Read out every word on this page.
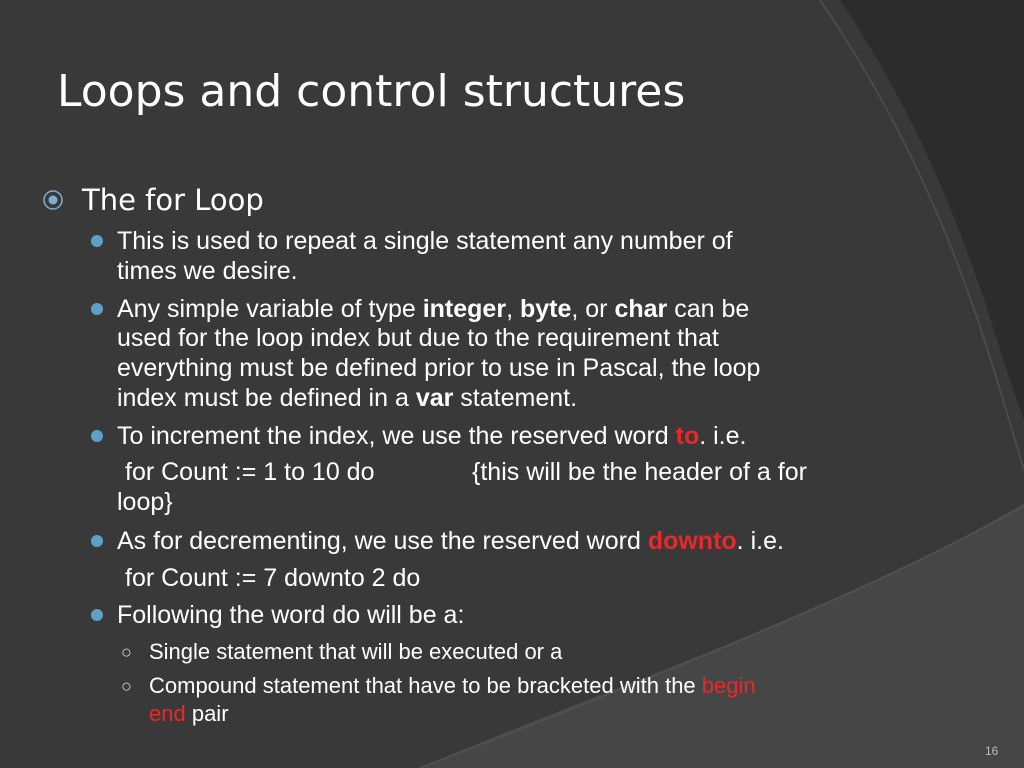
Loops and control structures
The for Loop
This is used to repeat a single statement any number of
times we desire.
Any simple variable of type integer, byte, or char can be
used for the loop index but due to the requirement that
everything must be defined prior to use in Pascal, the loop
index must be defined in a var statement.
To increment the index, we use the reserved word to. i.e.
for Count := 1 to 10 do	{this will be the header of a for
loop}
As for decrementing, we use the reserved word downto. i.e.
for Count := 7 downto 2 do
Following the word do will be a:
○ Single statement that will be executed or a
○ Compound statement that have to be bracketed with the begin
end pair
16
